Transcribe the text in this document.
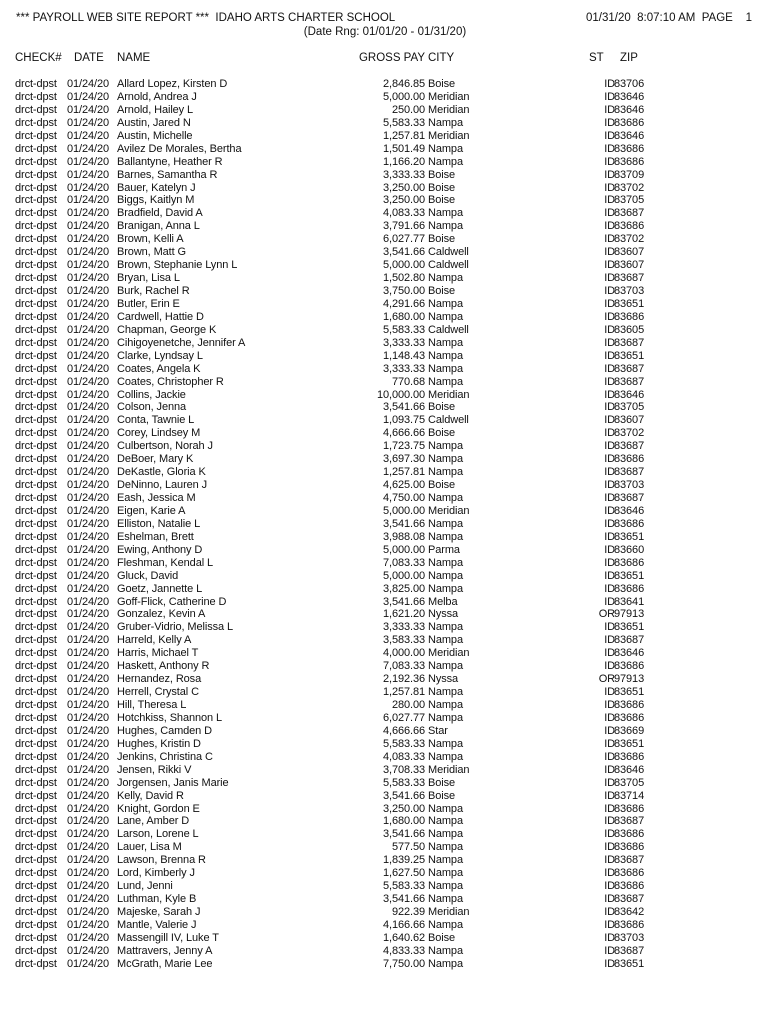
*** PAYROLL WEB SITE REPORT ***  IDAHO ARTS CHARTER SCHOOL	01/31/20  8:07:10 AM  PAGE    1
(Date Rng: 01/01/20 - 01/31/20)
CHECK# DATE NAME	GROSS PAY CITY	ST ZIP
drct-dpst 01/24/20 Allard Lopez, Kirsten D	2,846.85 Boise	ID 83706
drct-dpst 01/24/20 Arnold, Andrea J	5,000.00 Meridian	ID 83646
drct-dpst 01/24/20 Arnold, Hailey L	250.00 Meridian	ID 83646
drct-dpst 01/24/20 Austin, Jared N	5,583.33 Nampa	ID 83686
drct-dpst 01/24/20 Austin, Michelle	1,257.81 Meridian	ID 83646
drct-dpst 01/24/20 Avilez De Morales, Bertha	1,501.49 Nampa	ID 83686
drct-dpst 01/24/20 Ballantyne, Heather R	1,166.20 Nampa	ID 83686
drct-dpst 01/24/20 Barnes, Samantha R	3,333.33 Boise	ID 83709
drct-dpst 01/24/20 Bauer, Katelyn J	3,250.00 Boise	ID 83702
drct-dpst 01/24/20 Biggs, Kaitlyn M	3,250.00 Boise	ID 83705
drct-dpst 01/24/20 Bradfield, David A	4,083.33 Nampa	ID 83687
drct-dpst 01/24/20 Branigan, Anna L	3,791.66 Nampa	ID 83686
drct-dpst 01/24/20 Brown, Kelli A	6,027.77 Boise	ID 83702
drct-dpst 01/24/20 Brown, Matt G	3,541.66 Caldwell	ID 83607
drct-dpst 01/24/20 Brown, Stephanie Lynn L	5,000.00 Caldwell	ID 83607
drct-dpst 01/24/20 Bryan, Lisa L	1,502.80 Nampa	ID 83687
drct-dpst 01/24/20 Burk, Rachel R	3,750.00 Boise	ID 83703
drct-dpst 01/24/20 Butler, Erin E	4,291.66 Nampa	ID 83651
drct-dpst 01/24/20 Cardwell, Hattie D	1,680.00 Nampa	ID 83686
drct-dpst 01/24/20 Chapman, George K	5,583.33 Caldwell	ID 83605
drct-dpst 01/24/20 Cihigoyenetche, Jennifer A	3,333.33 Nampa	ID 83687
drct-dpst 01/24/20 Clarke, Lyndsay L	1,148.43 Nampa	ID 83651
drct-dpst 01/24/20 Coates, Angela K	3,333.33 Nampa	ID 83687
drct-dpst 01/24/20 Coates, Christopher R	770.68 Nampa	ID 83687
drct-dpst 01/24/20 Collins, Jackie	10,000.00 Meridian	ID 83646
drct-dpst 01/24/20 Colson, Jenna	3,541.66 Boise	ID 83705
drct-dpst 01/24/20 Conta, Tawnie L	1,093.75 Caldwell	ID 83607
drct-dpst 01/24/20 Corey, Lindsey M	4,666.66 Boise	ID 83702
drct-dpst 01/24/20 Culbertson, Norah J	1,723.75 Nampa	ID 83687
drct-dpst 01/24/20 DeBoer, Mary K	3,697.30 Nampa	ID 83686
drct-dpst 01/24/20 DeKastle, Gloria K	1,257.81 Nampa	ID 83687
drct-dpst 01/24/20 DeNinno, Lauren J	4,625.00 Boise	ID 83703
drct-dpst 01/24/20 Eash, Jessica M	4,750.00 Nampa	ID 83687
drct-dpst 01/24/20 Eigen, Karie A	5,000.00 Meridian	ID 83646
drct-dpst 01/24/20 Elliston, Natalie L	3,541.66 Nampa	ID 83686
drct-dpst 01/24/20 Eshelman, Brett	3,988.08 Nampa	ID 83651
drct-dpst 01/24/20 Ewing, Anthony D	5,000.00 Parma	ID 83660
drct-dpst 01/24/20 Fleshman, Kendal L	7,083.33 Nampa	ID 83686
drct-dpst 01/24/20 Gluck, David	5,000.00 Nampa	ID 83651
drct-dpst 01/24/20 Goetz, Jannette L	3,825.00 Nampa	ID 83686
drct-dpst 01/24/20 Goff-Flick, Catherine D	3,541.66 Melba	ID 83641
drct-dpst 01/24/20 Gonzalez, Kevin A	1,621.20 Nyssa	OR 97913
drct-dpst 01/24/20 Gruber-Vidrio, Melissa L	3,333.33 Nampa	ID 83651
drct-dpst 01/24/20 Harreld, Kelly A	3,583.33 Nampa	ID 83687
drct-dpst 01/24/20 Harris, Michael T	4,000.00 Meridian	ID 83646
drct-dpst 01/24/20 Haskett, Anthony R	7,083.33 Nampa	ID 83686
drct-dpst 01/24/20 Hernandez, Rosa	2,192.36 Nyssa	OR 97913
drct-dpst 01/24/20 Herrell, Crystal C	1,257.81 Nampa	ID 83651
drct-dpst 01/24/20 Hill, Theresa L	280.00 Nampa	ID 83686
drct-dpst 01/24/20 Hotchkiss, Shannon L	6,027.77 Nampa	ID 83686
drct-dpst 01/24/20 Hughes, Camden D	4,666.66 Star	ID 83669
drct-dpst 01/24/20 Hughes, Kristin D	5,583.33 Nampa	ID 83651
drct-dpst 01/24/20 Jenkins, Christina C	4,083.33 Nampa	ID 83686
drct-dpst 01/24/20 Jensen, Rikki V	3,708.33 Meridian	ID 83646
drct-dpst 01/24/20 Jorgensen, Janis Marie	5,583.33 Boise	ID 83705
drct-dpst 01/24/20 Kelly, David R	3,541.66 Boise	ID 83714
drct-dpst 01/24/20 Knight, Gordon E	3,250.00 Nampa	ID 83686
drct-dpst 01/24/20 Lane, Amber D	1,680.00 Nampa	ID 83687
drct-dpst 01/24/20 Larson, Lorene L	3,541.66 Nampa	ID 83686
drct-dpst 01/24/20 Lauer, Lisa M	577.50 Nampa	ID 83686
drct-dpst 01/24/20 Lawson, Brenna R	1,839.25 Nampa	ID 83687
drct-dpst 01/24/20 Lord, Kimberly J	1,627.50 Nampa	ID 83686
drct-dpst 01/24/20 Lund, Jenni	5,583.33 Nampa	ID 83686
drct-dpst 01/24/20 Luthman, Kyle B	3,541.66 Nampa	ID 83687
drct-dpst 01/24/20 Majeske, Sarah J	922.39 Meridian	ID 83642
drct-dpst 01/24/20 Mantle, Valerie J	4,166.66 Nampa	ID 83686
drct-dpst 01/24/20 Massengill IV, Luke T	1,640.62 Boise	ID 83703
drct-dpst 01/24/20 Mattravers, Jenny A	4,833.33 Nampa	ID 83687
drct-dpst 01/24/20 McGrath, Marie Lee	7,750.00 Nampa	ID 83651
